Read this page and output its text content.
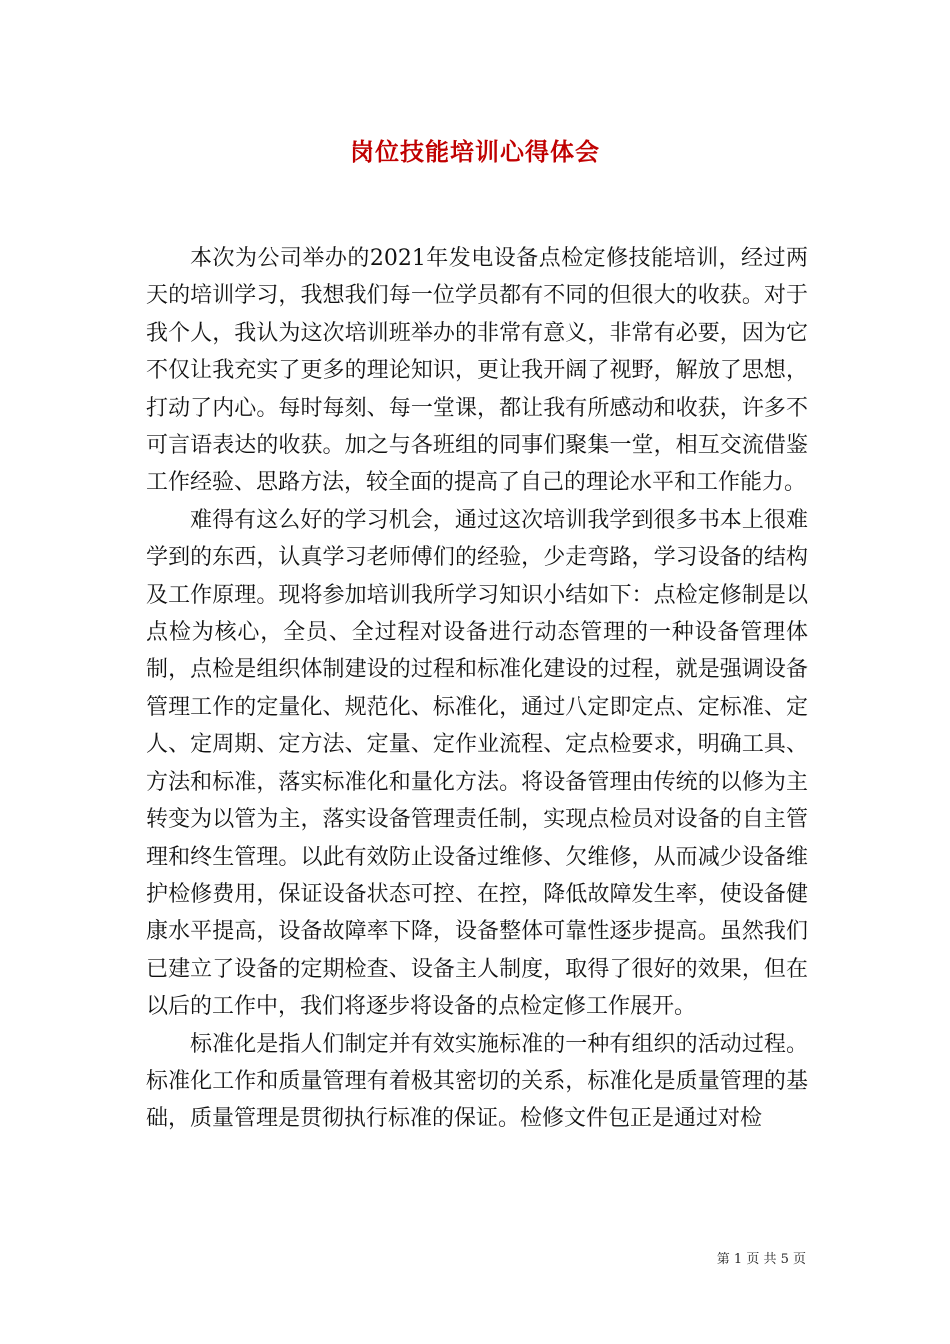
岗位技能培训心得体会

本次为公司举办的2021年发电设备点检定修技能培训，经过两天的培训学习，我想我们每一位学员都有不同的但很大的收获。对于我个人，我认为这次培训班举办的非常有意义，非常有必要，因为它不仅让我充实了更多的理论知识，更让我开阔了视野，解放了思想，打动了内心。每时每刻、每一堂课，都让我有所感动和收获，许多不可言语表达的收获。加之与各班组的同事们聚集一堂，相互交流借鉴工作经验、思路方法，较全面的提高了自己的理论水平和工作能力。

难得有这么好的学习机会，通过这次培训我学到很多书本上很难学到的东西，认真学习老师傅们的经验，少走弯路，学习设备的结构及工作原理。现将参加培训我所学习知识小结如下：点检定修制是以点检为核心，全员、全过程对设备进行动态管理的一种设备管理体制，点检是组织体制建设的过程和标准化建设的过程，就是强调设备管理工作的定量化、规范化、标准化，通过八定即定点、定标准、定人、定周期、定方法、定量、定作业流程、定点检要求，明确工具、方法和标准，落实标准化和量化方法。将设备管理由传统的以修为主转变为以管为主，落实设备管理责任制，实现点检员对设备的自主管理和终生管理。以此有效防止设备过维修、欠维修，从而减少设备维护检修费用，保证设备状态可控、在控，降低故障发生率，使设备健康水平提高，设备故障率下降，设备整体可靠性逐步提高。虽然我们已建立了设备的定期检查、设备主人制度，取得了很好的效果，但在以后的工作中，我们将逐步将设备的点检定修工作展开。

标准化是指人们制定并有效实施标准的一种有组织的活动过程。标准化工作和质量管理有着极其密切的关系，标准化是质量管理的基础，质量管理是贯彻执行标准的保证。检修文件包正是通过对检

第 1 页 共 5 页
